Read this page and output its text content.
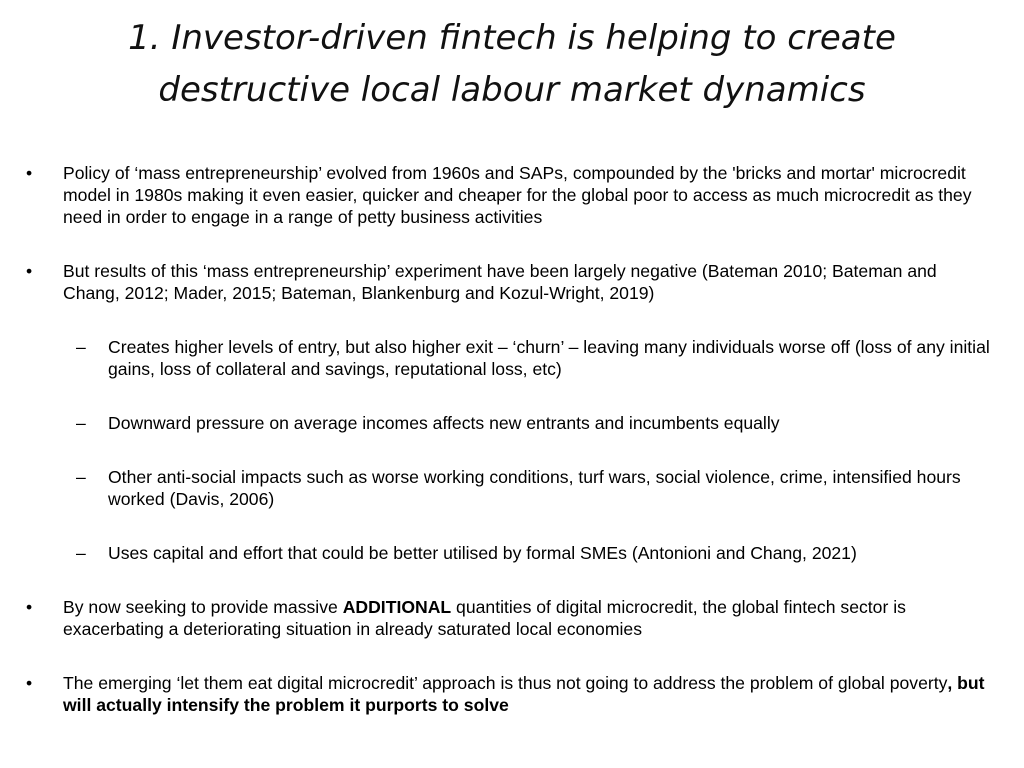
1. Investor-driven fintech is helping to create
destructive local labour market dynamics
• Policy of ‘mass entrepreneurship’ evolved from 1960s and SAPs, compounded by the 'bricks and mortar' microcredit model in 1980s making it even easier, quicker and cheaper for the global poor to access as much microcredit as they need in order to engage in a range of petty business activities
• But results of this ‘mass entrepreneurship’ experiment have been largely negative (Bateman 2010; Bateman and Chang, 2012; Mader, 2015; Bateman, Blankenburg and Kozul-Wright, 2019)
– Creates higher levels of entry, but also higher exit – ‘churn’ – leaving many individuals worse off (loss of any initial gains, loss of collateral and savings, reputational loss, etc)
– Downward pressure on average incomes affects new entrants and incumbents equally
– Other anti-social impacts such as worse working conditions, turf wars, social violence, crime, intensified hours worked (Davis, 2006)
– Uses capital and effort that could be better utilised by formal SMEs (Antonioni and Chang, 2021)
• By now seeking to provide massive ADDITIONAL quantities of digital microcredit, the global fintech sector is exacerbating a deteriorating situation in already saturated local economies
• The emerging ‘let them eat digital microcredit’ approach is thus not going to address the problem of global poverty, but will actually intensify the problem it purports to solve
